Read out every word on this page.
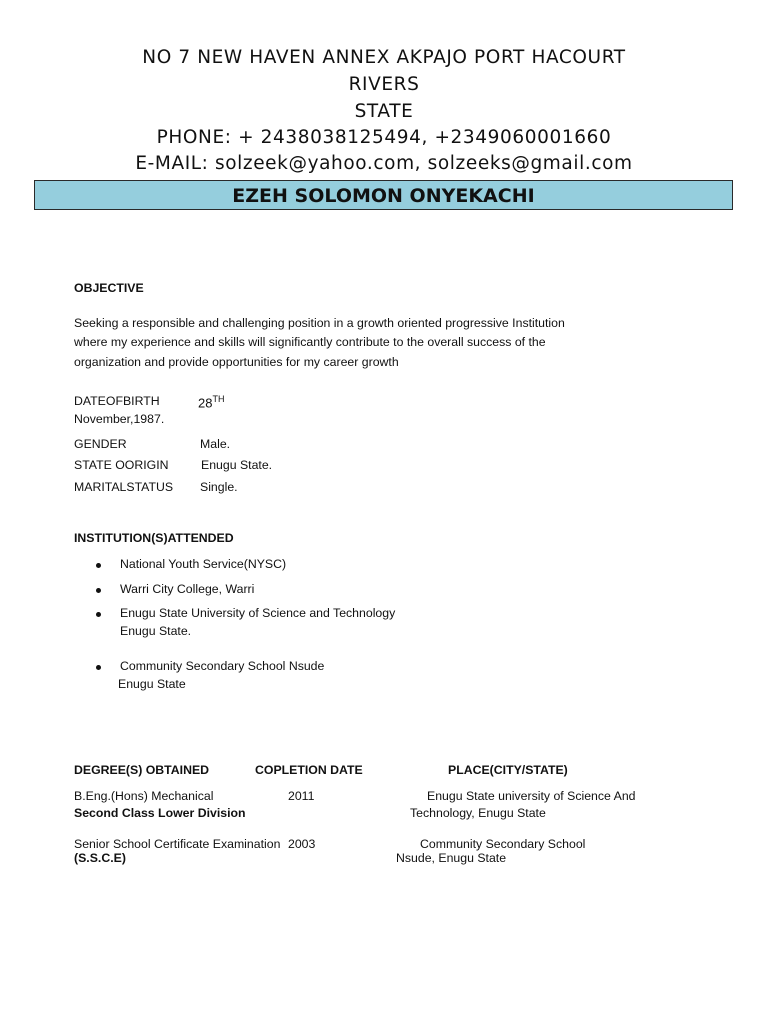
NO 7 NEW HAVEN ANNEX AKPAJO PORT HACOURT
RIVERS
STATE
PHONE: + 2438038125494, +2349060001660
E-MAIL: solzeek@yahoo.com, solzeeks@gmail.com
EZEH SOLOMON ONYEKACHI
OBJECTIVE
Seeking a responsible and challenging position in a growth oriented progressive Institution
where my experience and skills will significantly contribute to the overall success of the
organization and provide opportunities for my career growth
DATEOFBIRTH	28TH
November,1987.
GENDER	Male.
STATE OORIGIN	Enugu State.
MARITALSTATUS Single.
INSTITUTION(S)ATTENDED
National Youth Service(NYSC)
Warri City College, Warri
Enugu State University of Science and Technology
Enugu State.
Community Secondary School Nsude
Enugu State
DEGREE(S) OBTAINED	COPLETION DATE	PLACE(CITY/STATE)
B.Eng.(Hons) Mechanical
Second Class Lower Division
2011	Enugu State university of Science And
Technology, Enugu State
Senior School Certificate Examination
(S.S.C.E)
2003	Community Secondary School
Nsude, Enugu State
